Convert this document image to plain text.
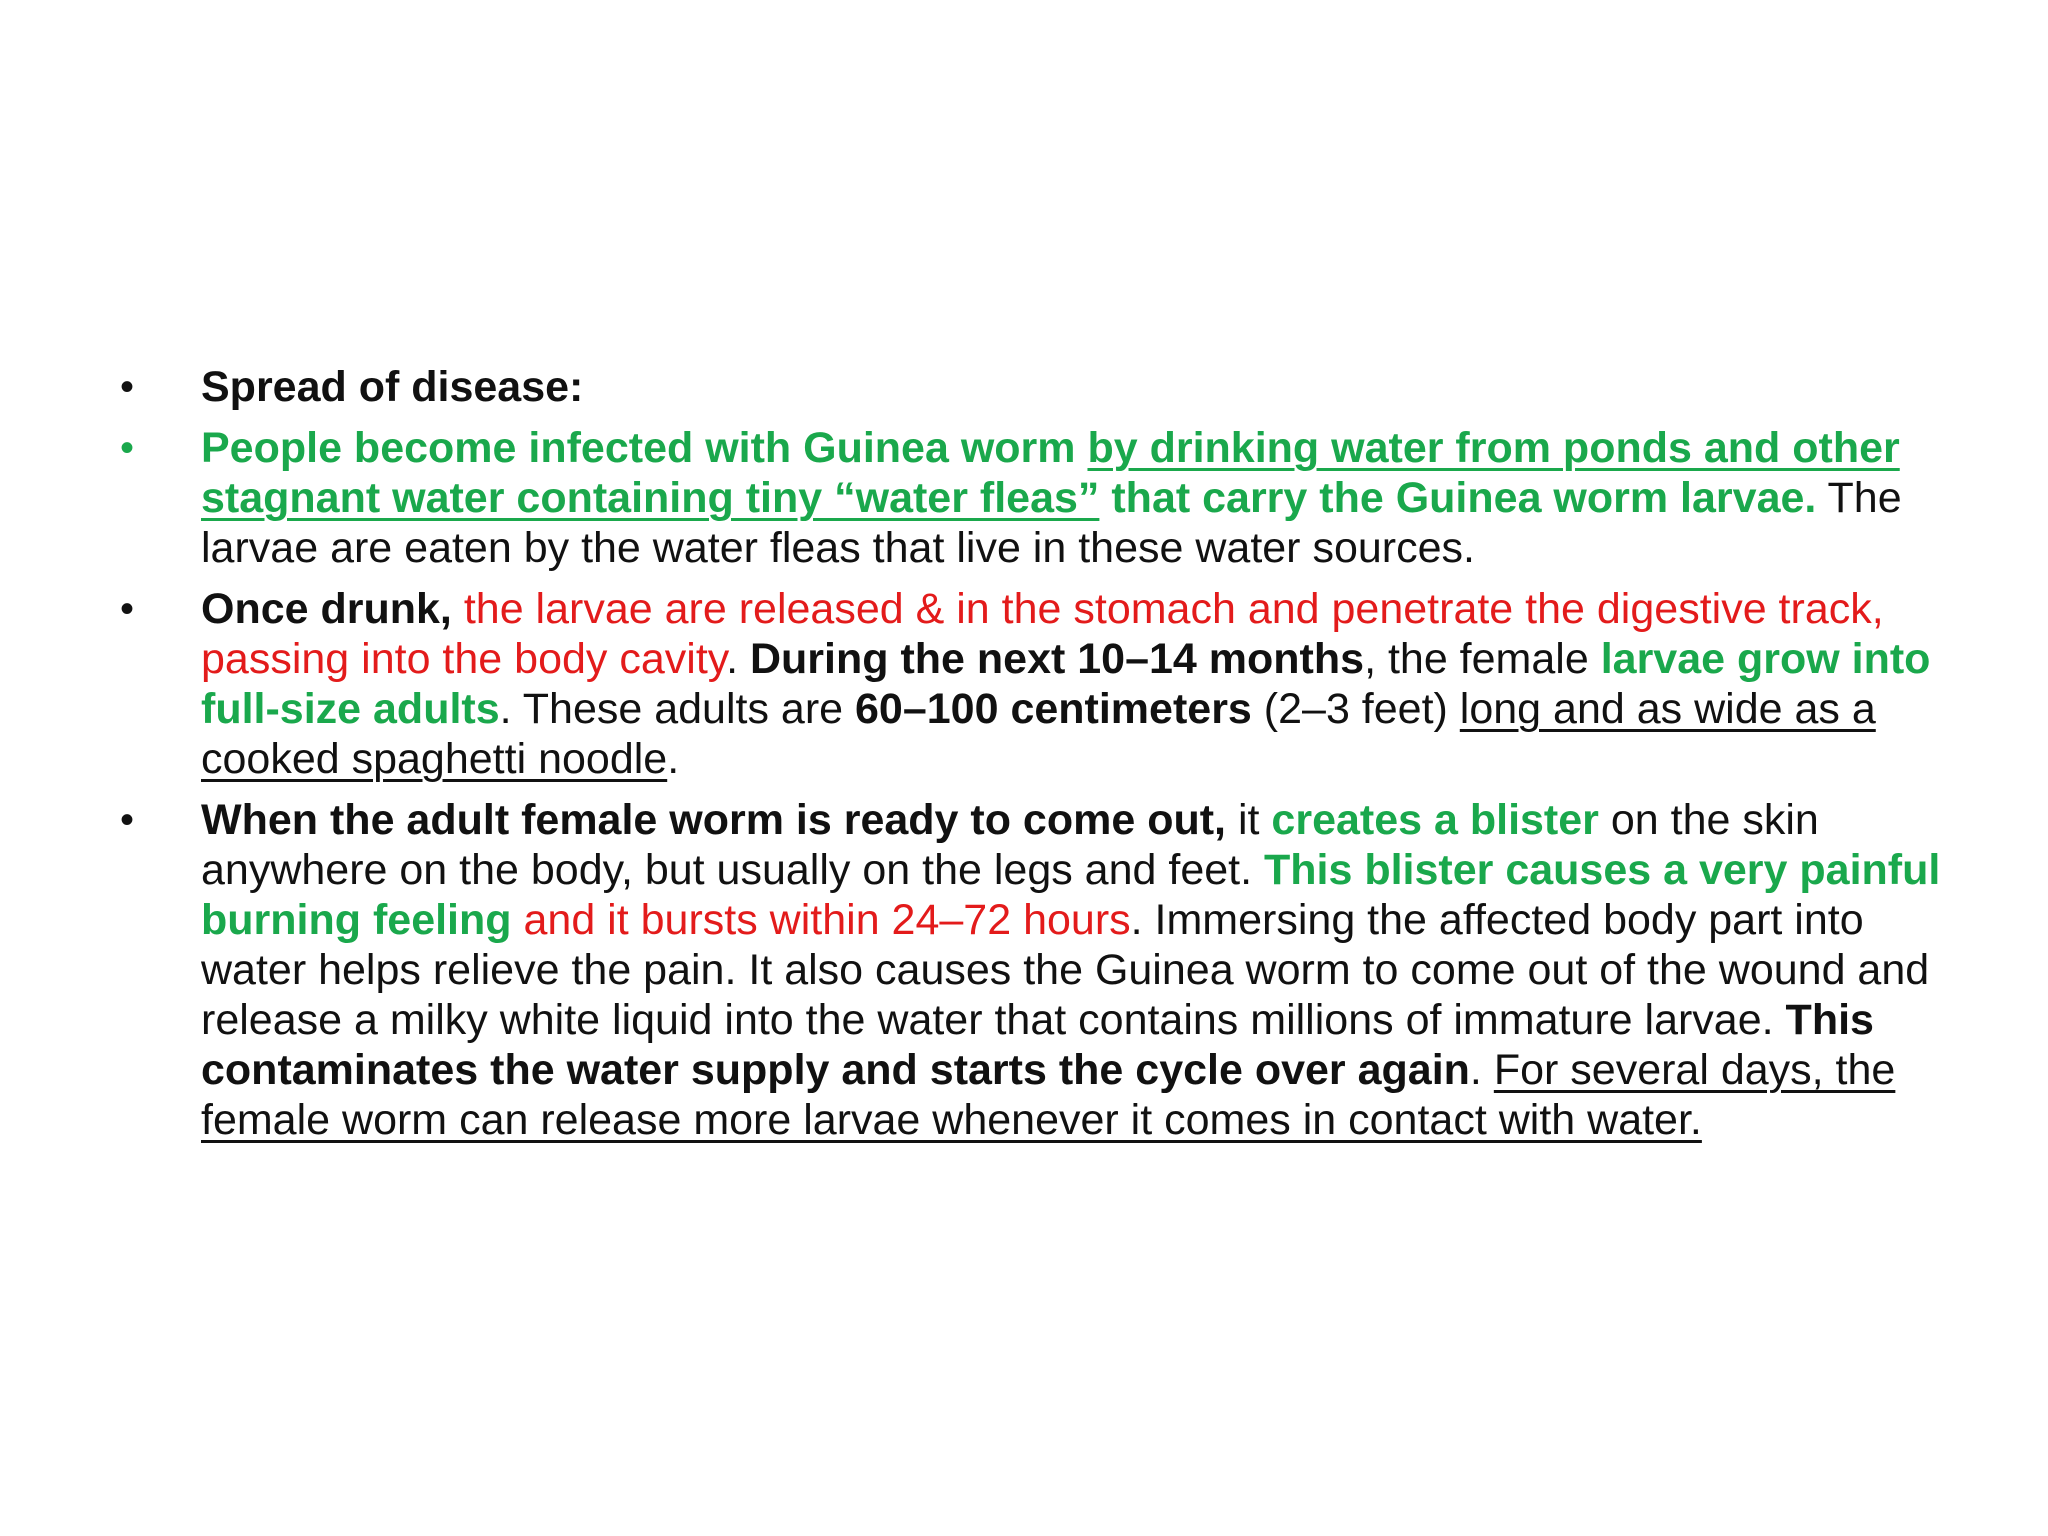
•	Spread of disease:
•	People become infected with Guinea worm by drinking water from ponds and other stagnant water containing tiny “water fleas” that carry the Guinea worm larvae. The larvae are eaten by the water fleas that live in these water sources.
•	Once drunk, the larvae are released & in the stomach and penetrate the digestive track, passing into the body cavity. During the next 10–14 months, the female larvae grow into full-size adults. These adults are 60–100 centimeters (2–3 feet) long and as wide as a cooked spaghetti noodle.
•	When the adult female worm is ready to come out, it creates a blister on the skin anywhere on the body, but usually on the legs and feet. This blister causes a very painful burning feeling and it bursts within 24–72 hours. Immersing the affected body part into water helps relieve the pain. It also causes the Guinea worm to come out of the wound and release a milky white liquid into the water that contains millions of immature larvae. This contaminates the water supply and starts the cycle over again. For several days, the female worm can release more larvae whenever it comes in contact with water.
